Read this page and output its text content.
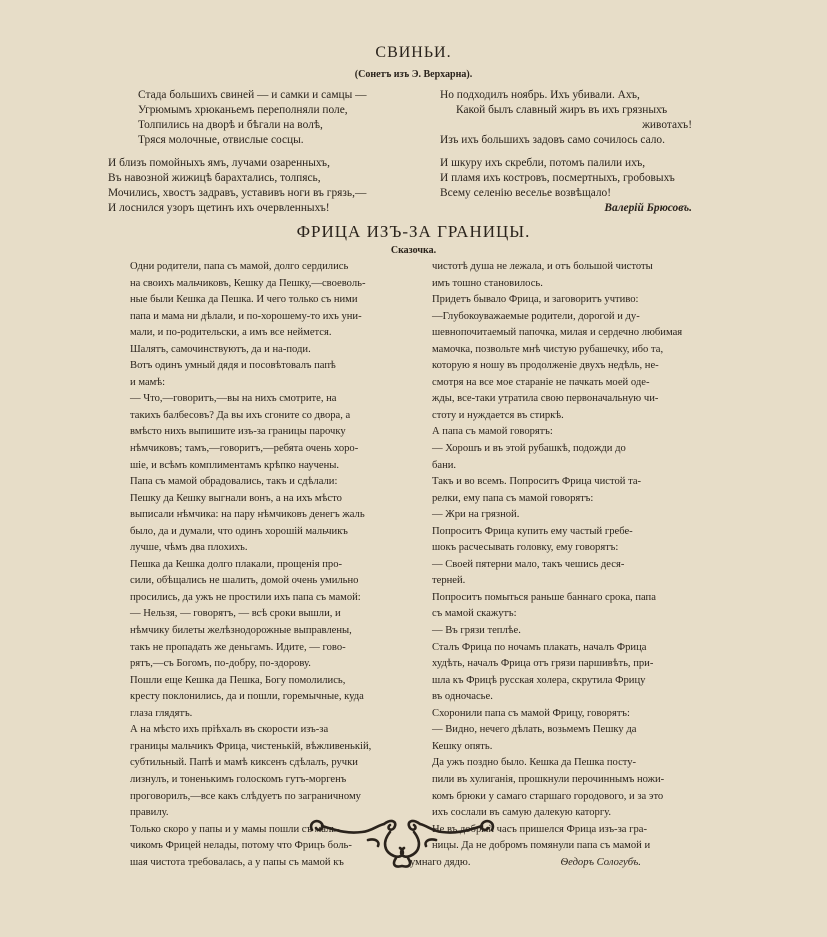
СВИНЬИ.
(Сонетъ изъ Э. Верхарна).
Стада большихъ свиней — и самки и самцы —
Угрюмымъ хрюканьемъ переполняли поле,
Толпились на дворѣ и бѣгали на волѣ,
Тряся молочные, отвислые сосцы.
И близъ помойныхъ ямъ, лучами озаренныхъ,
Въ навозной жижицѣ бараxтались, толпясь,
Мочились, хвостъ задравъ, уставивъ ноги въ грязь,—
И лоснился узоръ щетинъ ихъ очервленныхъ!
Но подходилъ ноябрь. Ихъ убивали. Ахъ,
Какой былъ славный жиръ въ ихъ грязныхъ
животахъ!
Изъ ихъ большихъ задовъ само сочилось сало.
И шкуру ихъ скребли, потомъ палили ихъ,
И пламя ихъ костровъ, посмертныхъ, гробовыхъ
Всему селенію веселье возвѣщало!
Валерій Брюсовъ.
ФРИЦА ИЗЪ-ЗА ГРАНИЦЫ.
Сказочка.

Одни родители, папа съ мамой, долго сердились
на своихъ мальчиковъ, Кешку да Пешку,—своеволь-
ные были Кешка да Пешка. И чего только съ ними
папа и мама ни дѣлали, и по-хорошему-то ихъ уни-
мали, и по-родительски, а имъ все неймется.
Шалятъ, самочинствуютъ, да и на-поди.

Вотъ одинъ умный дядя и посовѣтовалъ папѣ
и мамѣ:

— Что,—говоритъ,—вы на нихъ смотрите, на
такихъ балбесовъ? Да вы ихъ сгоните со двора, а
вмѣсто нихъ выпишите изъ-за границы парочку
нѣмчиковъ; тамъ,—говоритъ,—ребята очень хоро-
шіе, и всѣмъ комплиментамъ крѣпко научены.

Папа съ мамой обрадовались, такъ и сдѣлали:
Пешку да Кешку выгнали вонъ, а на ихъ мѣсто
выписали нѣмчика: на пару нѣмчиковъ денегъ жаль
было, да и думали, что одинъ хорошій мальчикъ
лучше, чѣмъ два плохихъ.

Пешка да Кешка долго плакали, прощенія про-
сили, обѣщались не шалить, домой очень умильно
просились, да ужъ не простили ихъ папа съ мамой:

— Нельзя, — говорятъ, — всѣ сроки вышли, и
нѣмчику билеты желѣзнодорожные выправлены,
такъ не пропадать же деньгамъ. Идите, — гово-
рятъ,—съ Богомъ, по-добру, по-здорову.

Пошли еще Кешка да Пешка, Богу помолились,
кресту поклонились, да и пошли, горемычные, куда
глаза глядятъ.

А на мѣсто ихъ пріѣхалъ въ скорости изъ-за
границы мальчикъ Фрица, чистенькій, вѣжливенькій,
субтильный. Папѣ и мамѣ киксенъ сдѣлалъ, ручки
лизнулъ, и тоненькимъ голоскомъ гутъ-моргенъ
проговорилъ,—все какъ слѣдуетъ по заграничному
правилу.

Только скоро у папы и у мамы пошли съ маль-
чикомъ Фрицей нелады, потому что Фрицъ боль-
шая чистота требовалась, а у папы съ мамой къ

чистотѣ душа не лежала, и отъ большой чистоты
имъ тошно становилось.

Придетъ бывало Фрица, и заговоритъ учтиво:

—Глубокоуважаемые родители, дорогой и ду-
шевнопочитаемый папочка, милая и сердечно любимая
мамочка, позвольте мнѣ чистую рубашечку, ибо та,
которую я ношу въ продолженіе двухъ недѣль, не-
смотря на все мое стараніе не пачкать моей оде-
жды, все-таки утратила свою первоначальную чи-
стоту и нуждается въ стиркѣ.

А папа съ мамой говорятъ:

— Хорошъ и въ этой рубашкѣ, подожди до
бани.

Такъ и во всемъ. Попроситъ Фрица чистой та-
релки, ему папа съ мамой говорятъ:

— Жри на грязной.

Попроситъ Фрица купить ему частый гребе-
шокъ расчесывать головку, ему говорятъ:

— Своей пятерни мало, такъ чешись деся-
терней.

Попроситъ помыться раньше баннаго срока, папа
съ мамой скажутъ:

— Въ грязи теплѣе.

Сталъ Фрица по ночамъ плакать, началъ Фрица
худѣть, началъ Фрица отъ грязи паршивѣть, при-
шла къ Фрицѣ русская холера, скрутила Фрицу
въ одночасье.

Схоронили папа съ мамой Фрицу, говорятъ:

— Видно, нечего дѣлать, возьмемъ Пешку да
Кешку опять.

Да ужъ поздно было. Кешка да Пешка посту-
пили въ хулиганія, прошкнули перочиннымъ ножи-
комъ брюки у самаго старшаго городового, и за это
ихъ сослали въ самую далекую каторгу.

Не въ добрый часъ пришелся Фрица изъ-за гра-
ницы. Да не добромъ помянули папа съ мамой и
умнаго дядю.	Ѳедоръ Сологубъ.
